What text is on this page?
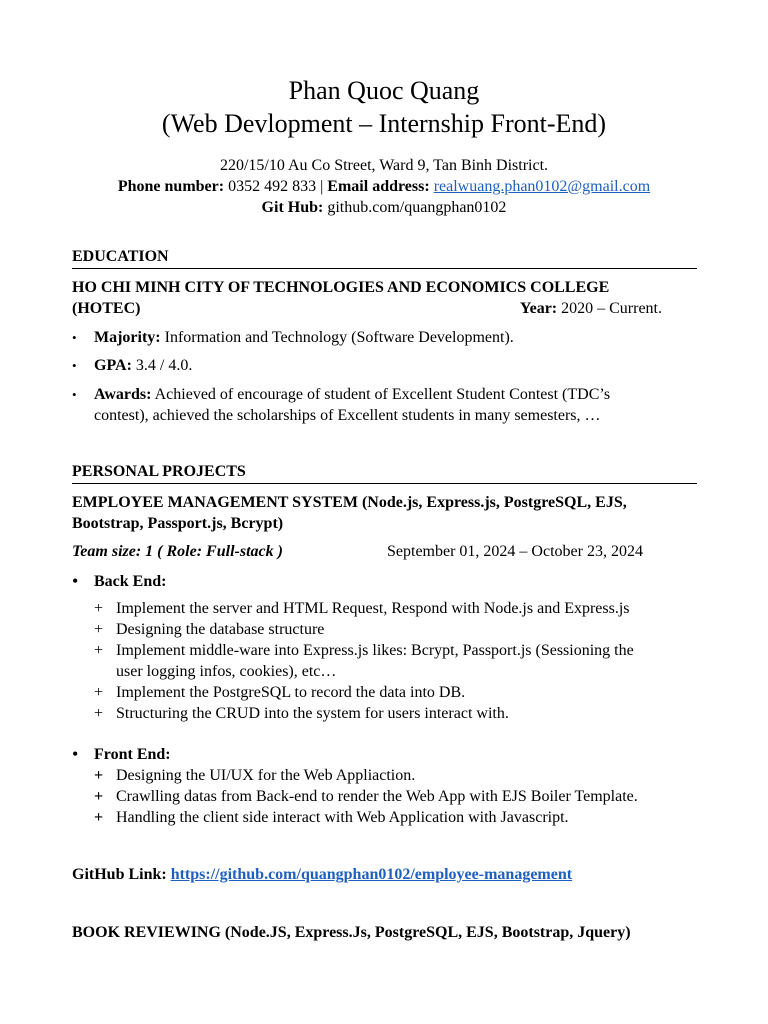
Phan Quoc Quang
(Web Devlopment – Internship Front-End)
220/15/10 Au Co Street, Ward 9, Tan Binh District.
Phone number: 0352 492 833 | Email address: realwuang.phan0102@gmail.com
Git Hub: github.com/quangphan0102
EDUCATION
HO CHI MINH CITY OF TECHNOLOGIES AND ECONOMICS COLLEGE
(HOTEC)	Year: 2020 – Current.
•	Majority: Information and Technology (Software Development).
•	GPA: 3.4 / 4.0.
•	Awards: Achieved of encourage of student of Excellent Student Contest (TDC’s
contest), achieved the scholarships of Excellent students in many semesters, …
PERSONAL PROJECTS
EMPLOYEE MANAGEMENT SYSTEM (Node.js, Express.js, PostgreSQL, EJS,
Bootstrap, Passport.js, Bcrypt)
Team size: 1 ( Role: Full-stack )	September 01, 2024 – October 23, 2024
• Back End:
+ Implement the server and HTML Request, Respond with Node.js and Express.js
+ Designing the database structure
+ Implement middle-ware into Express.js likes: Bcrypt, Passport.js (Sessioning the
user logging infos, cookies), etc…
+ Implement the PostgreSQL to record the data into DB.
+ Structuring the CRUD into the system for users interact with.
• Front End:
+ Designing the UI/UX for the Web Appliaction.
+ Crawlling datas from Back-end to render the Web App with EJS Boiler Template.
+ Handling the client side interact with Web Application with Javascript.
GitHub Link: https://github.com/quangphan0102/employee-management
BOOK REVIEWING (Node.JS, Express.Js, PostgreSQL, EJS, Bootstrap, Jquery)
